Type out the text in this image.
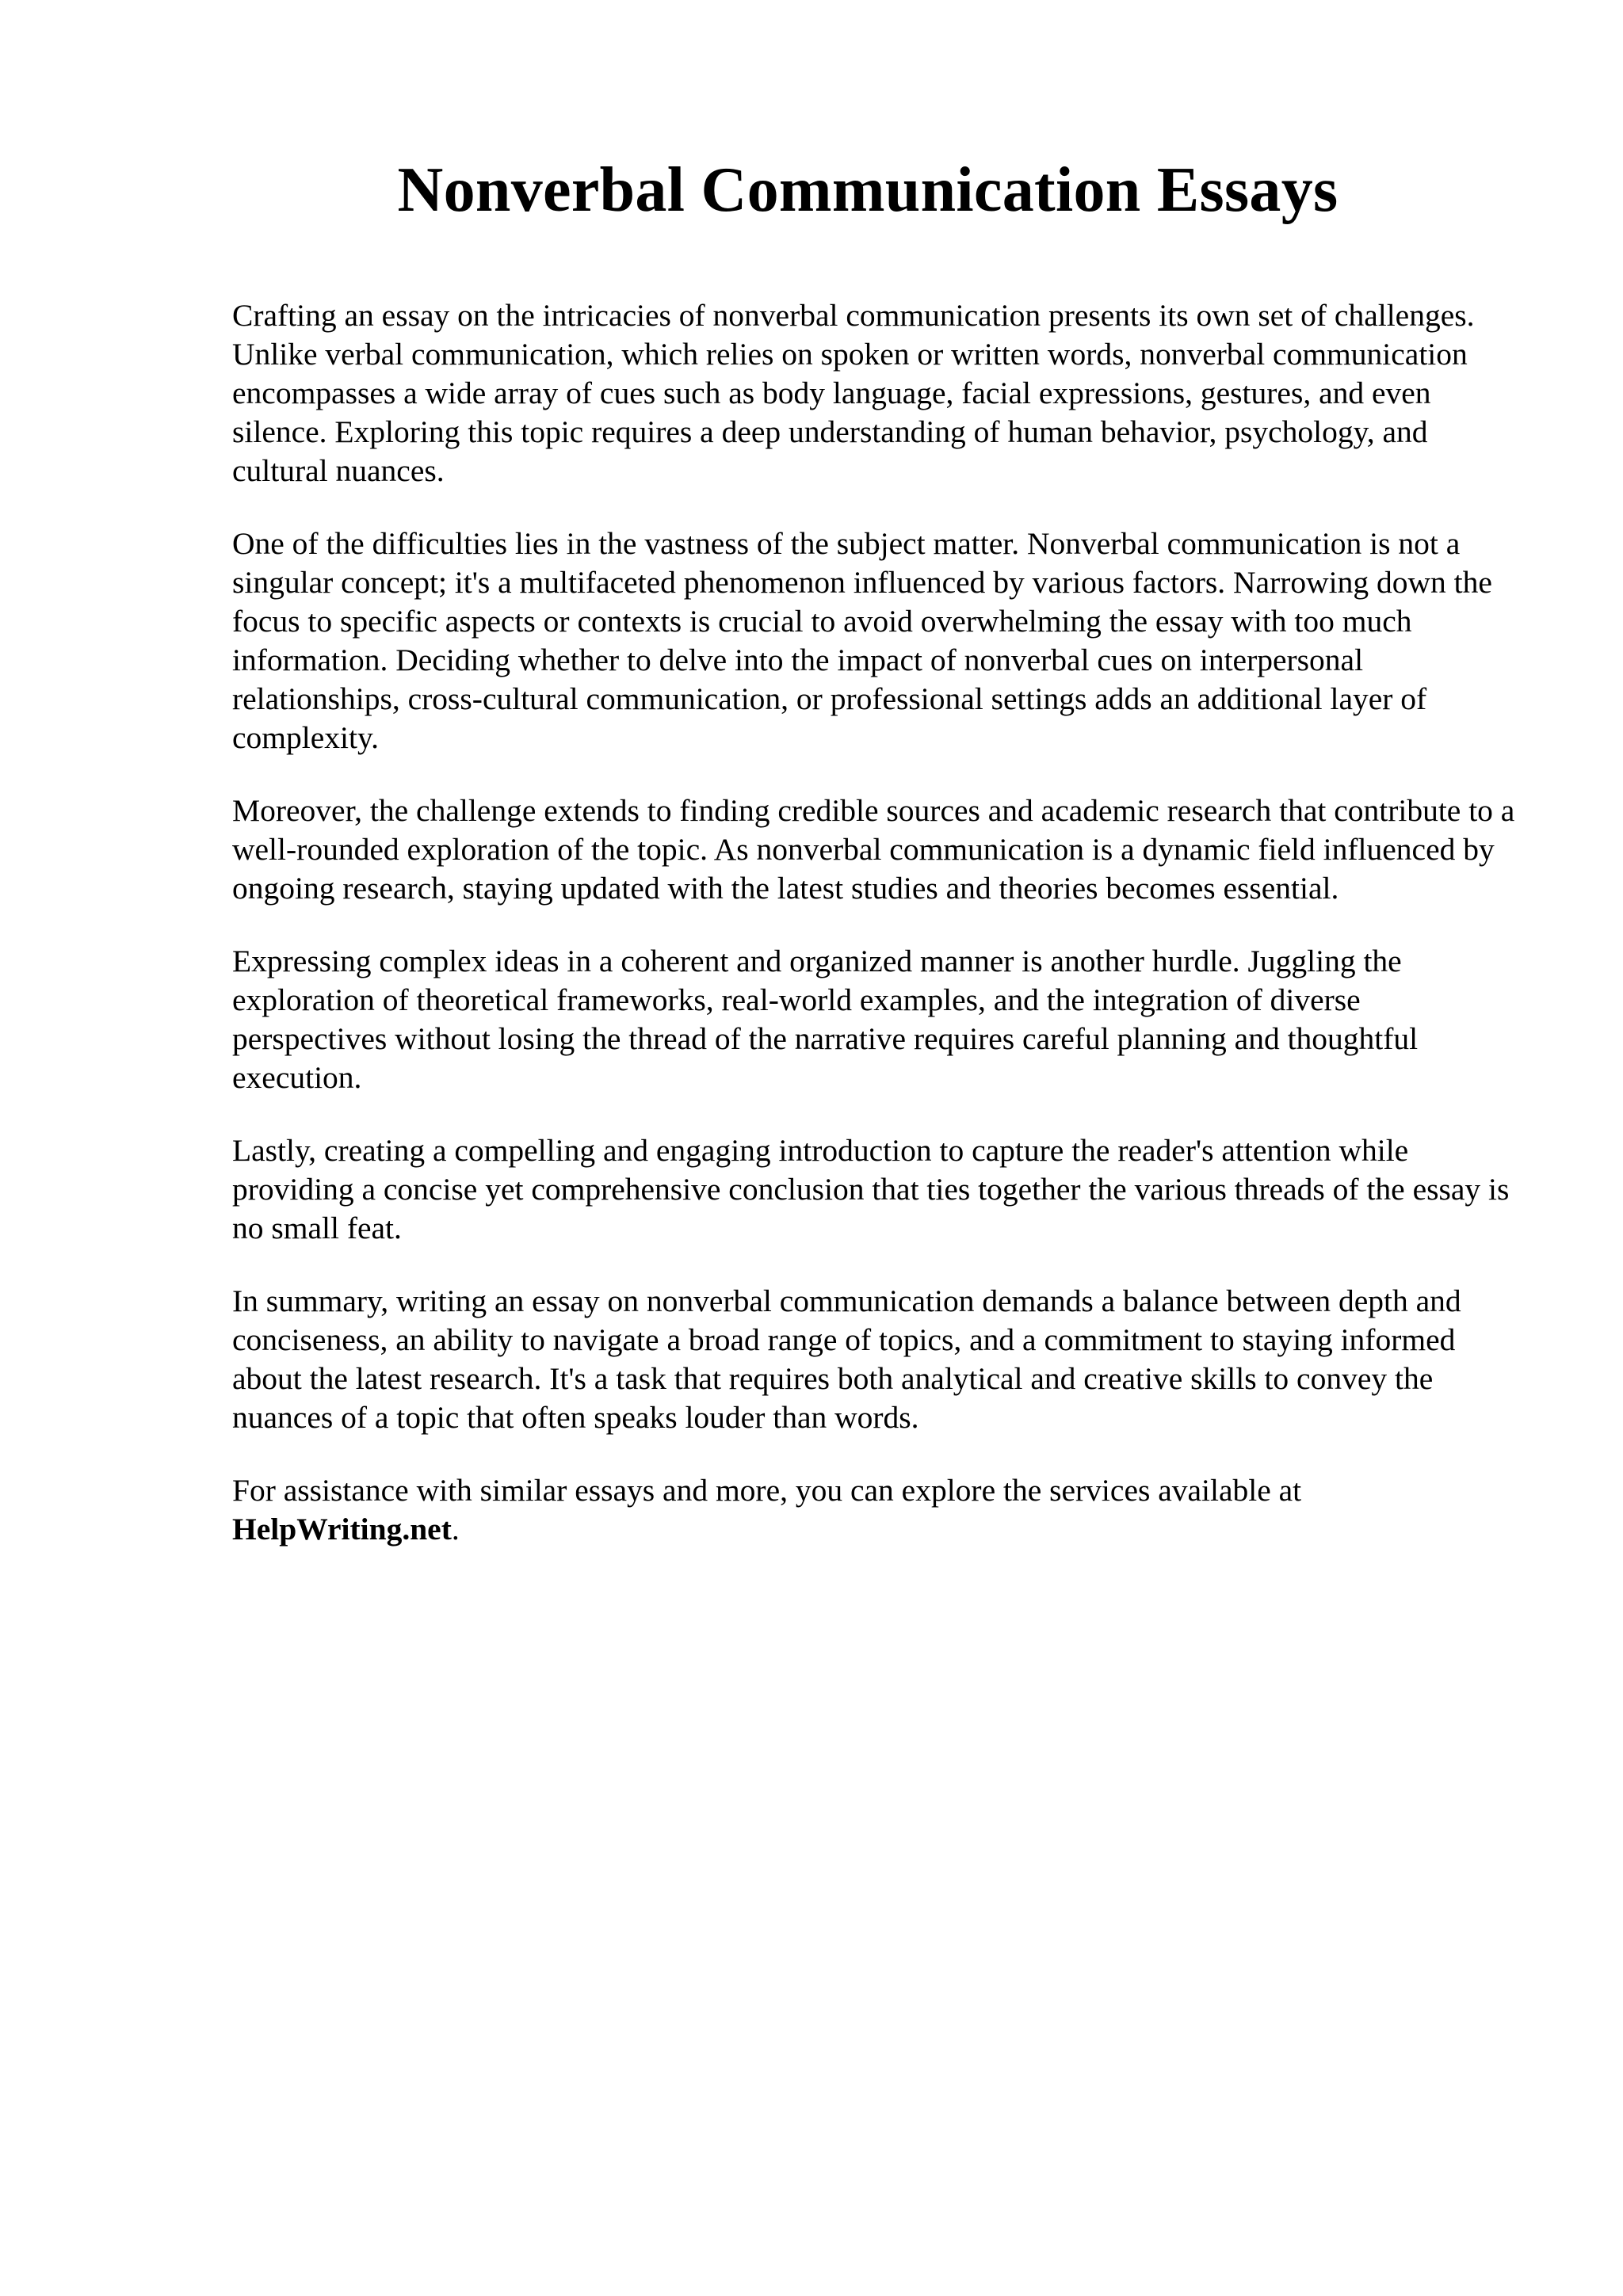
Nonverbal Communication Essays

Crafting an essay on the intricacies of nonverbal communication presents its own set of challenges. Unlike verbal communication, which relies on spoken or written words, nonverbal communication encompasses a wide array of cues such as body language, facial expressions, gestures, and even silence. Exploring this topic requires a deep understanding of human behavior, psychology, and cultural nuances.

One of the difficulties lies in the vastness of the subject matter. Nonverbal communication is not a singular concept; it's a multifaceted phenomenon influenced by various factors. Narrowing down the focus to specific aspects or contexts is crucial to avoid overwhelming the essay with too much information. Deciding whether to delve into the impact of nonverbal cues on interpersonal relationships, cross-cultural communication, or professional settings adds an additional layer of complexity.

Moreover, the challenge extends to finding credible sources and academic research that contribute to a well-rounded exploration of the topic. As nonverbal communication is a dynamic field influenced by ongoing research, staying updated with the latest studies and theories becomes essential.

Expressing complex ideas in a coherent and organized manner is another hurdle. Juggling the exploration of theoretical frameworks, real-world examples, and the integration of diverse perspectives without losing the thread of the narrative requires careful planning and thoughtful execution.

Lastly, creating a compelling and engaging introduction to capture the reader's attention while providing a concise yet comprehensive conclusion that ties together the various threads of the essay is no small feat.

In summary, writing an essay on nonverbal communication demands a balance between depth and conciseness, an ability to navigate a broad range of topics, and a commitment to staying informed about the latest research. It's a task that requires both analytical and creative skills to convey the nuances of a topic that often speaks louder than words.

For assistance with similar essays and more, you can explore the services available at HelpWriting.net.
